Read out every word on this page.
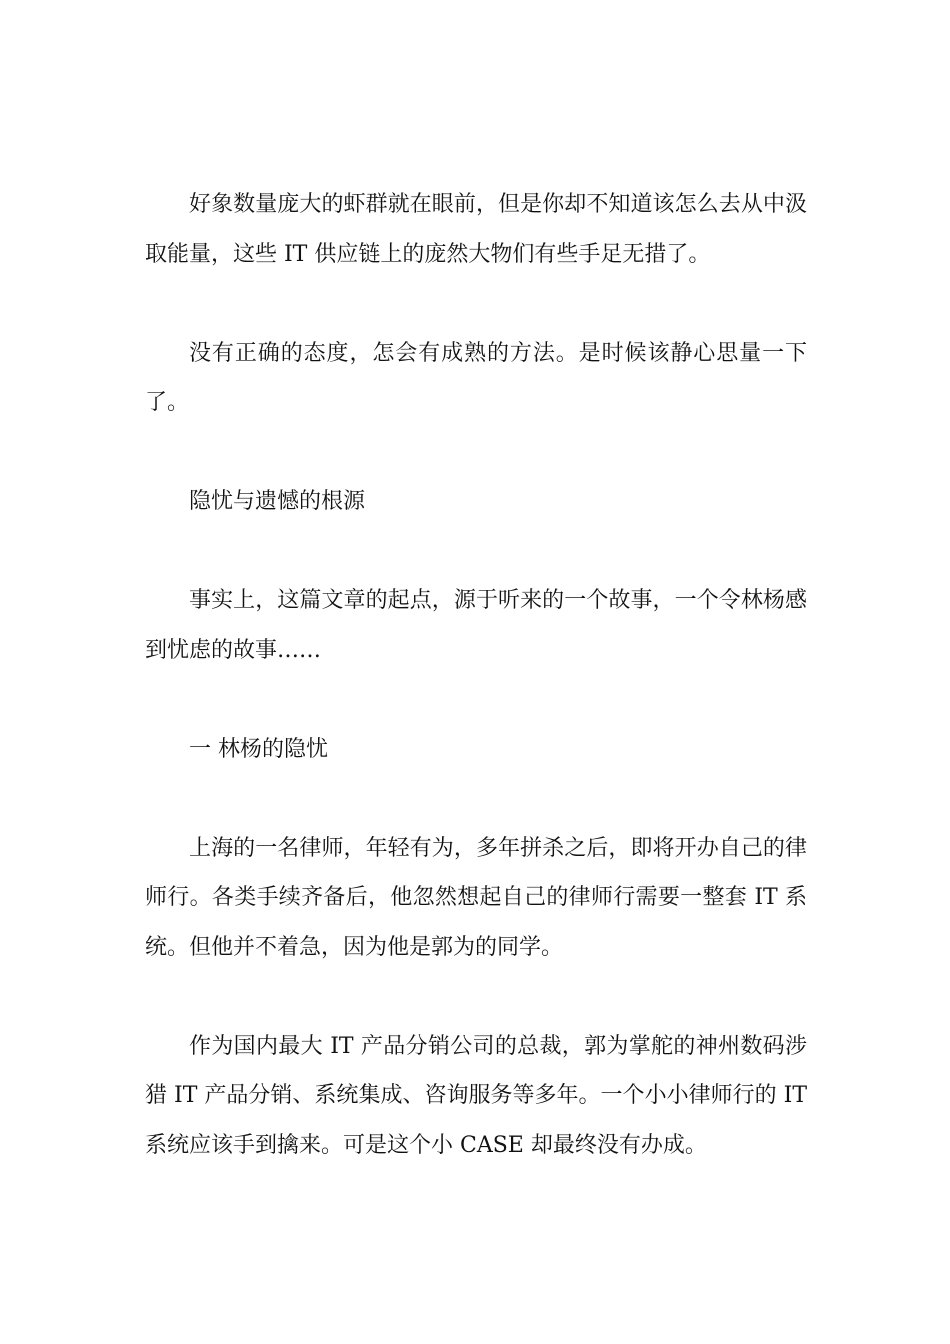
好象数量庞大的虾群就在眼前，但是你却不知道该怎么去从中汲取能量，这些 IT 供应链上的庞然大物们有些手足无措了。

没有正确的态度，怎会有成熟的方法。是时候该静心思量一下了。

隐忧与遗憾的根源

事实上，这篇文章的起点，源于听来的一个故事，一个令林杨感到忧虑的故事……

一 林杨的隐忧

上海的一名律师，年轻有为，多年拼杀之后，即将开办自己的律师行。各类手续齐备后，他忽然想起自己的律师行需要一整套 IT 系统。但他并不着急，因为他是郭为的同学。

作为国内最大 IT 产品分销公司的总裁，郭为掌舵的神州数码涉猎 IT 产品分销、系统集成、咨询服务等多年。一个小小律师行的 IT 系统应该手到擒来。可是这个小 CASE 却最终没有办成。
